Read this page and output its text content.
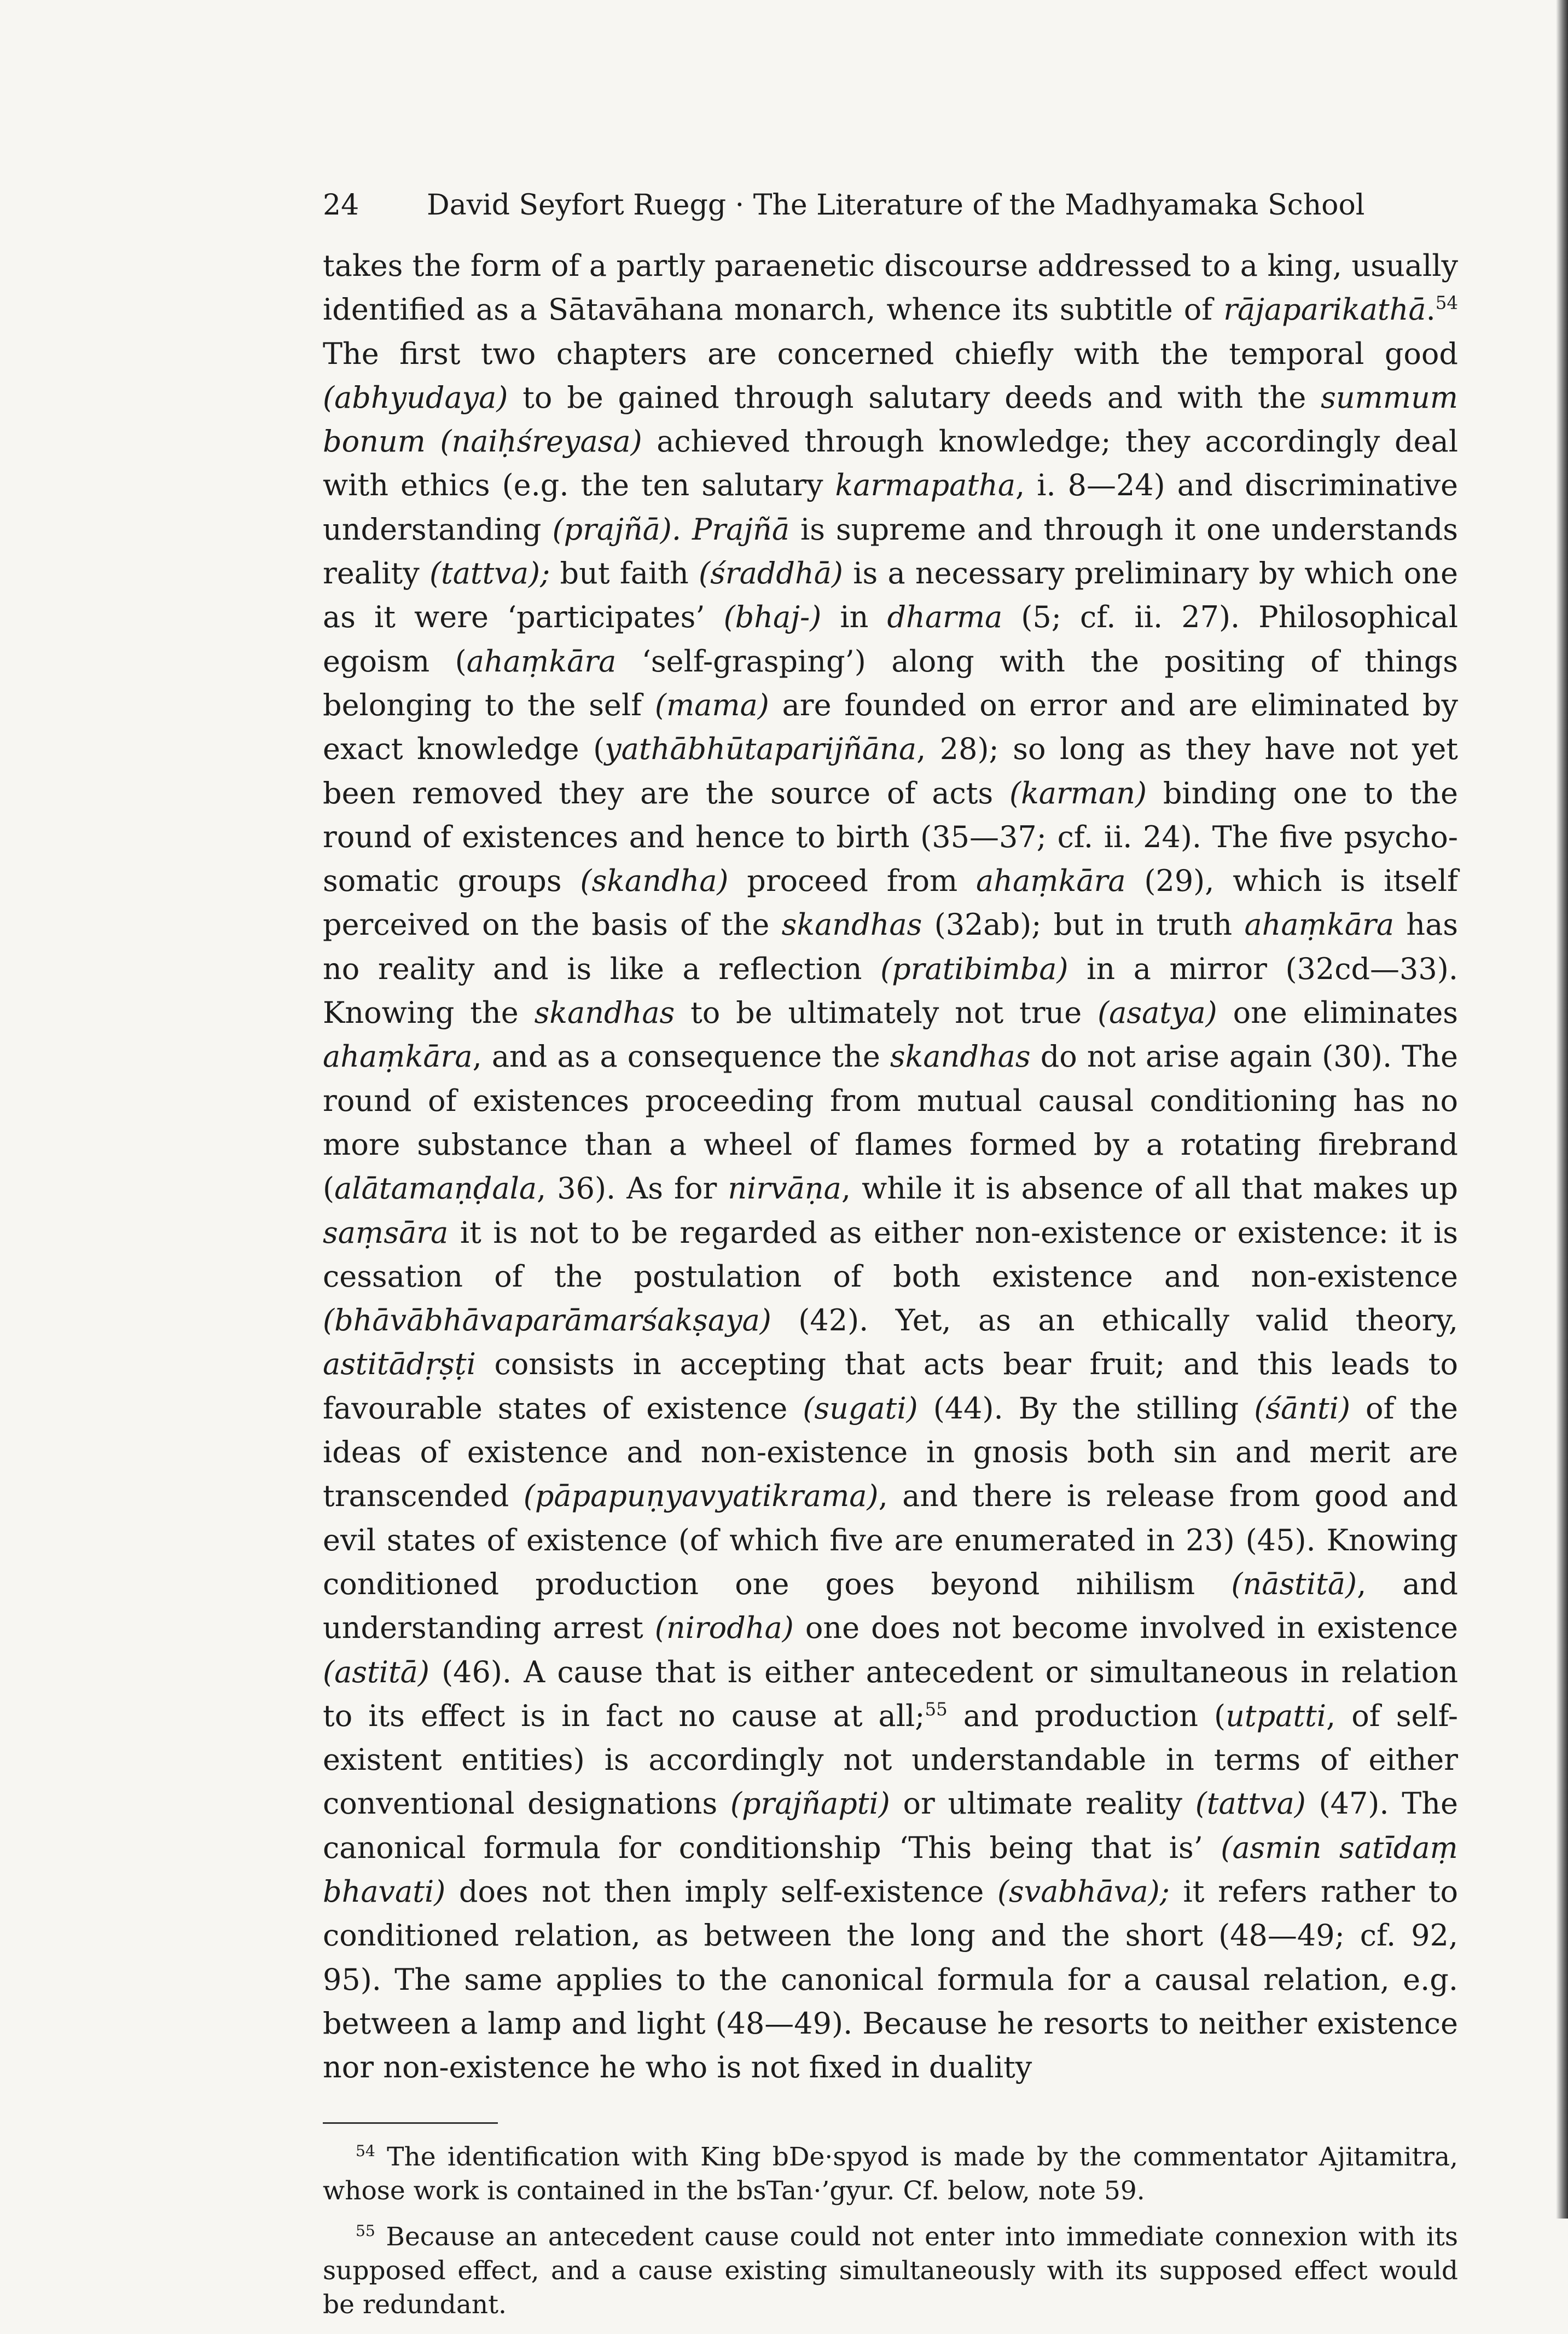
24	David Seyfort Ruegg · The Literature of the Madhyamaka School
takes the form of a partly paraenetic discourse addressed to a king, usually identified as a Sātavāhana monarch, whence its subtitle of rājaparikathā.$^{54}$ The first two chapters are concerned chiefly with the temporal good (abhyudaya) to be gained through salutary deeds and with the summum bonum (naiḥśreyasa) achieved through knowledge; they accordingly deal with ethics (e.g. the ten salutary karmapatha, i. 8—24) and discriminative understanding (prajñā). Prajñā is supreme and through it one understands reality (tattva); but faith (śraddhā) is a necessary preliminary by which one as it were ‘participates’ (bhaj-) in dharma (5; cf. ii. 27). Philosophical egoism (ahaṃkāra ‘self-grasping’) along with the positing of things belonging to the self (mama) are founded on error and are eliminated by exact knowledge (yathābhūtaparijñāna, 28); so long as they have not yet been removed they are the source of acts (karman) binding one to the round of existences and hence to birth (35—37; cf. ii. 24). The five psycho-somatic groups (skandha) proceed from ahaṃkāra (29), which is itself perceived on the basis of the skandhas (32ab); but in truth ahaṃkāra has no reality and is like a reflection (pratibimba) in a mirror (32cd—33). Knowing the skandhas to be ultimately not true (asatya) one eliminates ahaṃkāra, and as a consequence the skandhas do not arise again (30). The round of existences proceeding from mutual causal conditioning has no more substance than a wheel of flames formed by a rotating firebrand (alātamaṇḍala, 36). As for nirvāṇa, while it is absence of all that makes up saṃsāra it is not to be regarded as either non-existence or existence: it is cessation of the postulation of both existence and non-existence (bhāvābhāvaparāmarśakṣaya) (42). Yet, as an ethically valid theory, astitādṛṣṭi consists in accepting that acts bear fruit; and this leads to favourable states of existence (sugati) (44). By the stilling (śānti) of the ideas of existence and non-existence in gnosis both sin and merit are transcended (pāpapuṇyavyatikrama), and there is release from good and evil states of existence (of which five are enumerated in 23) (45). Knowing conditioned production one goes beyond nihilism (nāstitā), and understanding arrest (nirodha) one does not become involved in existence (astitā) (46). A cause that is either antecedent or simultaneous in relation to its effect is in fact no cause at all;$^{55}$ and production (utpatti, of self-existent entities) is accordingly not understandable in terms of either conventional designations (prajñapti) or ultimate reality (tattva) (47). The canonical formula for conditionship ‘This being that is’ (asmin satīdaṃ bhavati) does not then imply self-existence (svabhāva); it refers rather to conditioned relation, as between the long and the short (48—49; cf. 92, 95). The same applies to the canonical formula for a causal relation, e.g. between a lamp and light (48—49). Because he resorts to neither existence nor non-existence he who is not fixed in duality

$^{54}$ The identification with King bDe·spyod is made by the commentator Ajitamitra, whose work is contained in the bsTan·’gyur. Cf. below, note 59.

$^{55}$ Because an antecedent cause could not enter into immediate connexion with its supposed effect, and a cause existing simultaneously with its supposed effect would be redundant.
